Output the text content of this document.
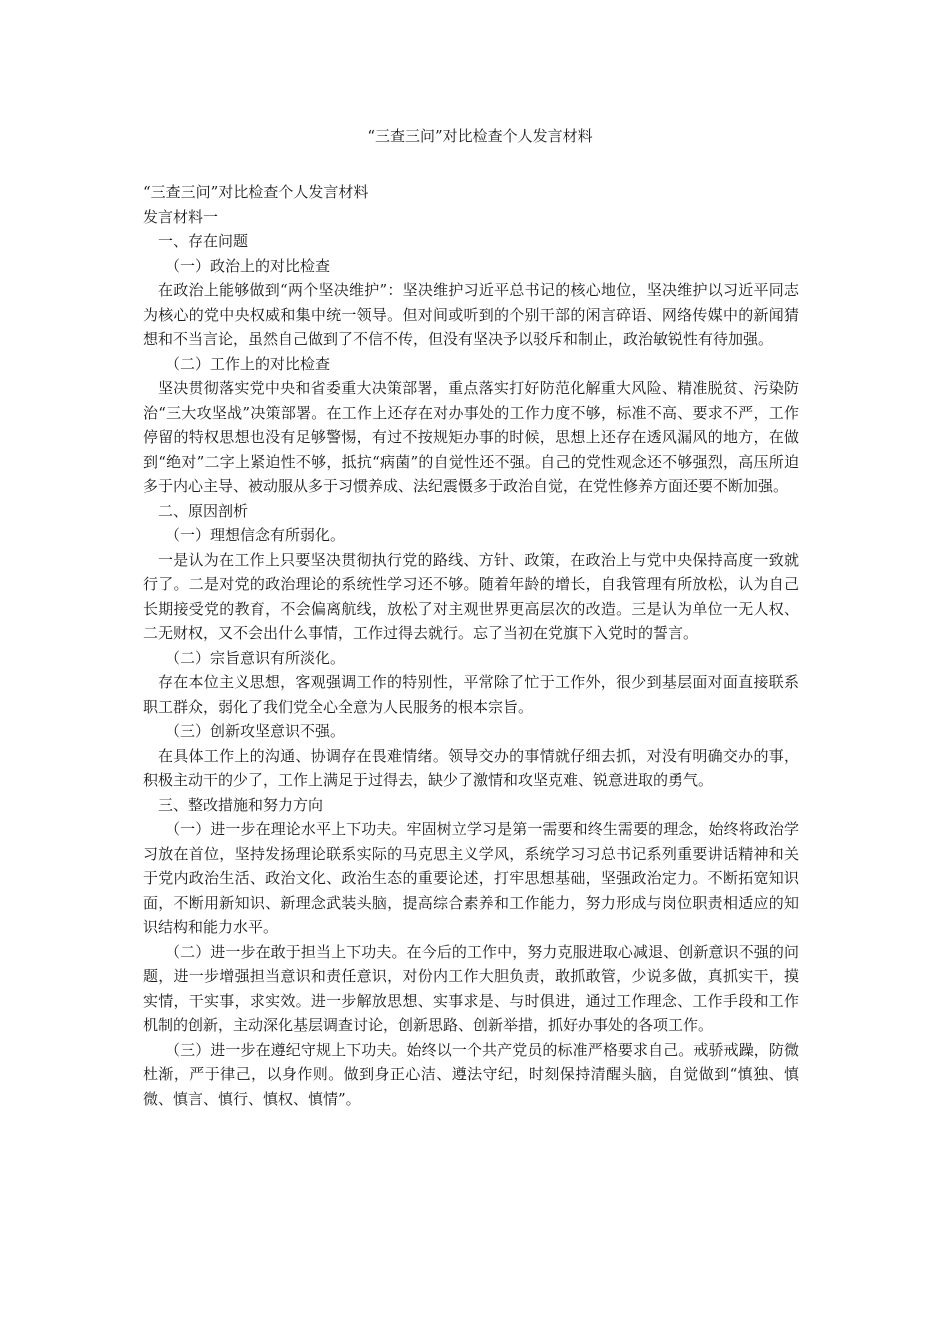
“三查三问”对比检查个人发言材料

“三查三问”对比检查个人发言材料

发言材料一

一、存在问题

（一）政治上的对比检查

在政治上能够做到“两个坚决维护”：坚决维护习近平总书记的核心地位，坚决维护以习近平同志为核心的党中央权威和集中统一领导。但对间或听到的个别干部的闲言碎语、网络传媒中的新闻猜想和不当言论，虽然自己做到了不信不传，但没有坚决予以驳斥和制止，政治敏锐性有待加强。

（二）工作上的对比检查

坚决贯彻落实党中央和省委重大决策部署，重点落实打好防范化解重大风险、精准脱贫、污染防治“三大攻坚战”决策部署。在工作上还存在对办事处的工作力度不够，标准不高、要求不严，工作停留的特权思想也没有足够警惕，有过不按规矩办事的时候，思想上还存在透风漏风的地方，在做到“绝对”二字上紧迫性不够，抵抗“病菌”的自觉性还不强。自己的党性观念还不够强烈，高压所迫多于内心主导、被动服从多于习惯养成、法纪震慑多于政治自觉，在党性修养方面还要不断加强。

二、原因剖析

（一）理想信念有所弱化。

一是认为在工作上只要坚决贯彻执行党的路线、方针、政策，在政治上与党中央保持高度一致就行了。二是对党的政治理论的系统性学习还不够。随着年龄的增长，自我管理有所放松，认为自己长期接受党的教育，不会偏离航线，放松了对主观世界更高层次的改造。三是认为单位一无人权、二无财权，又不会出什么事情，工作过得去就行。忘了当初在党旗下入党时的誓言。

（二）宗旨意识有所淡化。

存在本位主义思想，客观强调工作的特别性，平常除了忙于工作外，很少到基层面对面直接联系职工群众，弱化了我们党全心全意为人民服务的根本宗旨。

（三）创新攻坚意识不强。

在具体工作上的沟通、协调存在畏难情绪。领导交办的事情就仔细去抓，对没有明确交办的事，积极主动干的少了，工作上满足于过得去，缺少了激情和攻坚克难、锐意进取的勇气。

三、整改措施和努力方向

（一）进一步在理论水平上下功夫。牢固树立学习是第一需要和终生需要的理念，始终将政治学习放在首位，坚持发扬理论联系实际的马克思主义学风，系统学习习总书记系列重要讲话精神和关于党内政治生活、政治文化、政治生态的重要论述，打牢思想基础，坚强政治定力。不断拓宽知识面，不断用新知识、新理念武装头脑，提高综合素养和工作能力，努力形成与岗位职责相适应的知识结构和能力水平。

（二）进一步在敢于担当上下功夫。在今后的工作中，努力克服进取心减退、创新意识不强的问题，进一步增强担当意识和责任意识，对份内工作大胆负责，敢抓敢管，少说多做，真抓实干，摸实情，干实事，求实效。进一步解放思想、实事求是、与时俱进，通过工作理念、工作手段和工作机制的创新，主动深化基层调查讨论，创新思路、创新举措，抓好办事处的各项工作。

（三）进一步在遵纪守规上下功夫。始终以一个共产党员的标准严格要求自己。戒骄戒躁，防微杜渐，严于律己，以身作则。做到身正心洁、遵法守纪，时刻保持清醒头脑，自觉做到“慎独、慎微、慎言、慎行、慎权、慎情”。
